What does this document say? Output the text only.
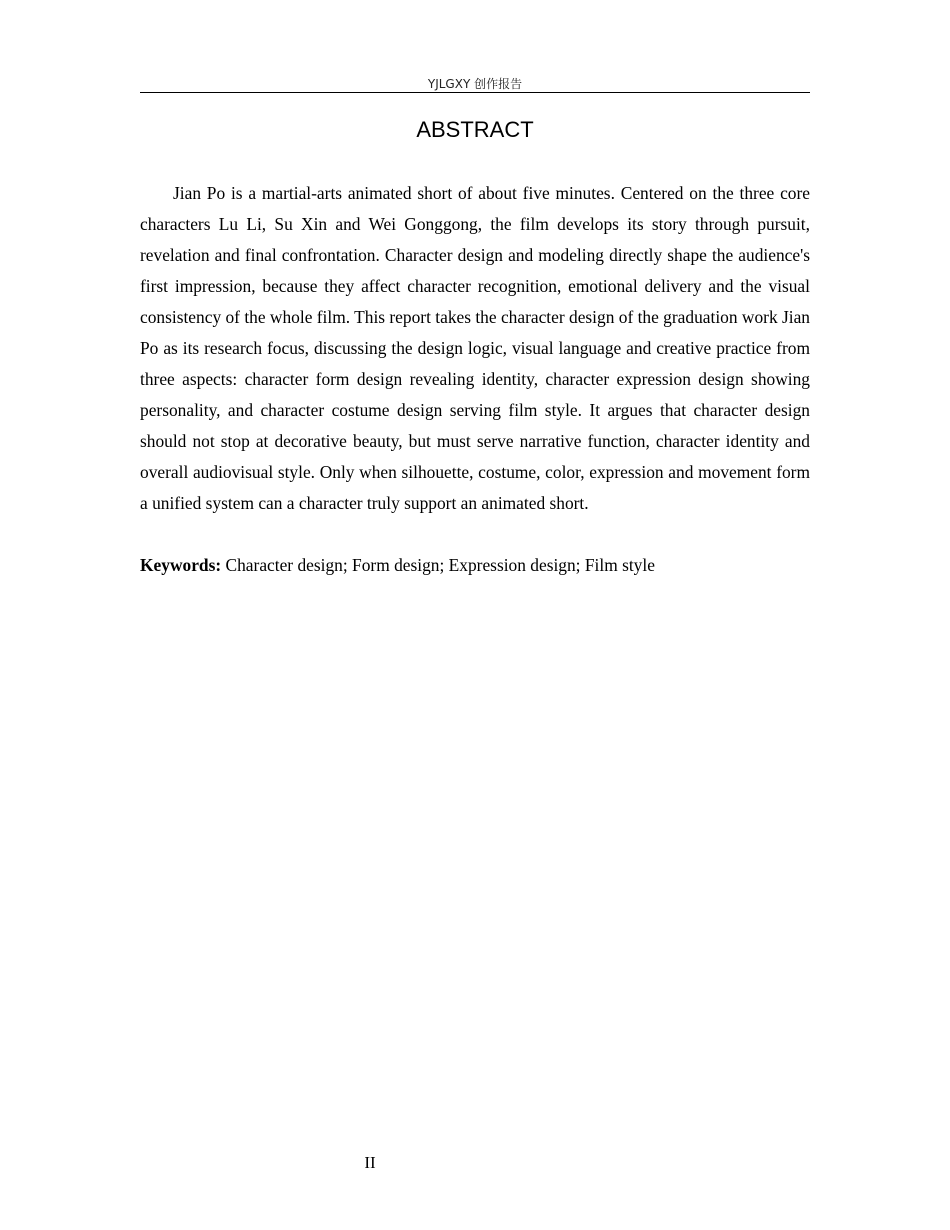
YJLGXY 创作报告
ABSTRACT

Jian Po is a martial-arts animated short of about five minutes. Centered on the three core characters Lu Li, Su Xin and Wei Gonggong, the film develops its story through pursuit, revelation and final confrontation. Character design and modeling directly shape the audience's first impression, because they affect character recognition, emotional delivery and the visual consistency of the whole film. This report takes the character design of the graduation work Jian Po as its research focus, discussing the design logic, visual language and creative practice from three aspects: character form design revealing identity, character expression design showing personality, and character costume design serving film style. It argues that character design should not stop at decorative beauty, but must serve narrative function, character identity and overall audiovisual style. Only when silhouette, costume, color, expression and movement form a unified system can a character truly support an animated short.

Keywords: Character design; Form design; Expression design; Film style

II
